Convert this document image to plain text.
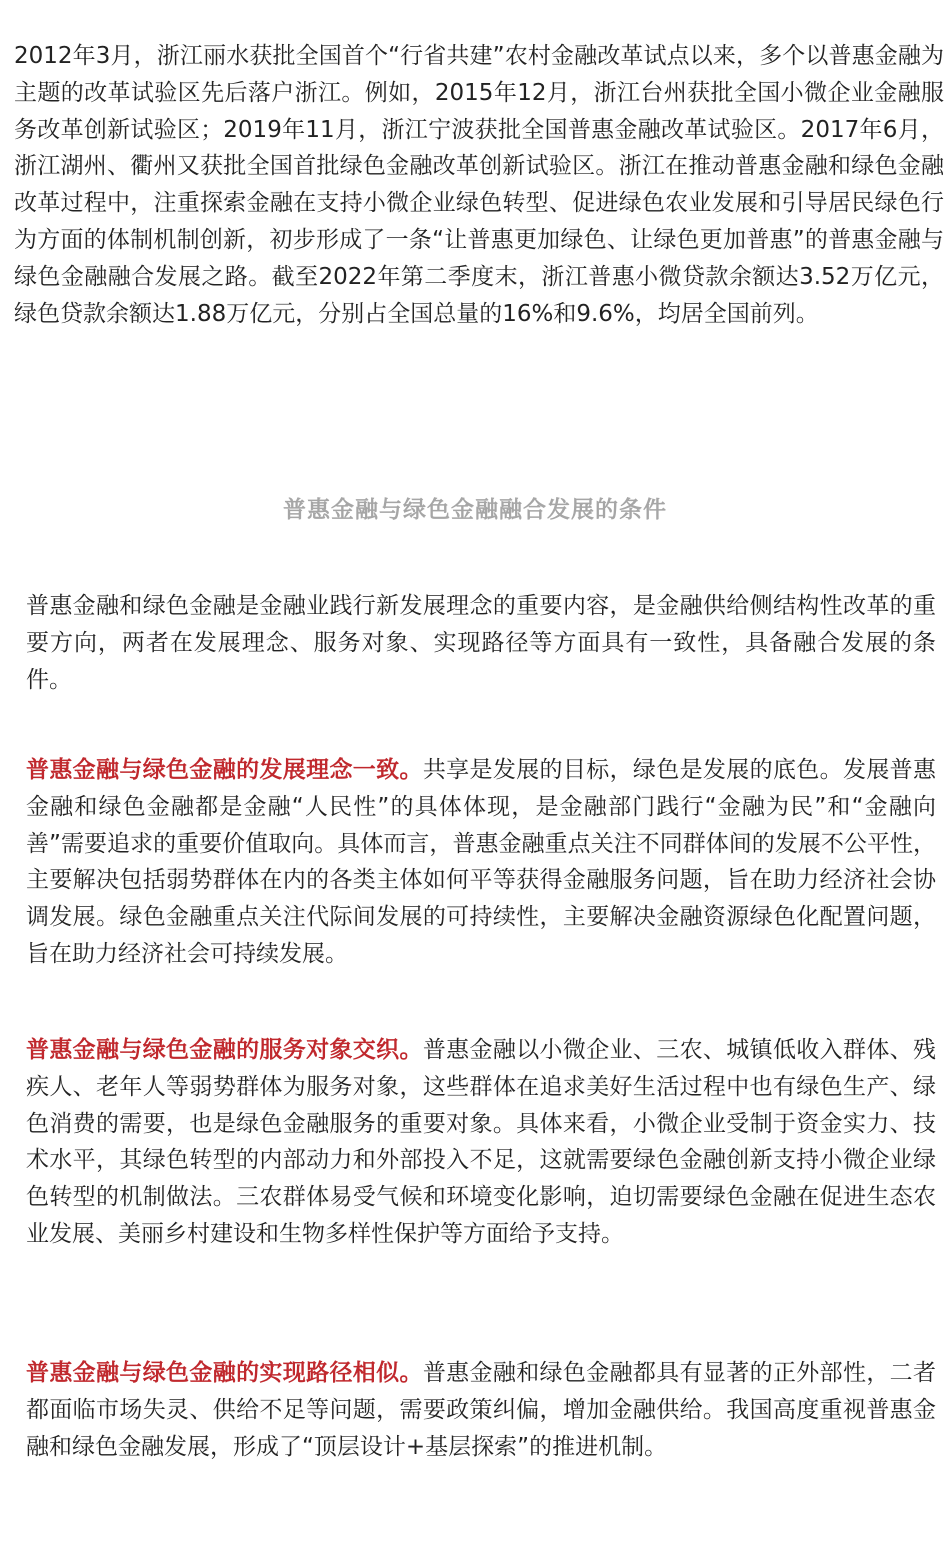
2012年3月，浙江丽水获批全国首个“行省共建”农村金融改革试点以来，多个以普惠金融为主题的改革试验区先后落户浙江。例如，2015年12月，浙江台州获批全国小微企业金融服务改革创新试验区；2019年11月，浙江宁波获批全国普惠金融改革试验区。2017年6月，浙江湖州、衢州又获批全国首批绿色金融改革创新试验区。浙江在推动普惠金融和绿色金融改革过程中，注重探索金融在支持小微企业绿色转型、促进绿色农业发展和引导居民绿色行为方面的体制机制创新，初步形成了一条“让普惠更加绿色、让绿色更加普惠”的普惠金融与绿色金融融合发展之路。截至2022年第二季度末，浙江普惠小微贷款余额达3.52万亿元，绿色贷款余额达1.88万亿元，分别占全国总量的16%和9.6%，均居全国前列。

普惠金融与绿色金融融合发展的条件

普惠金融和绿色金融是金融业践行新发展理念的重要内容，是金融供给侧结构性改革的重要方向，两者在发展理念、服务对象、实现路径等方面具有一致性，具备融合发展的条件。

普惠金融与绿色金融的发展理念一致。共享是发展的目标，绿色是发展的底色。发展普惠金融和绿色金融都是金融“人民性”的具体体现，是金融部门践行“金融为民”和“金融向善”需要追求的重要价值取向。具体而言，普惠金融重点关注不同群体间的发展不公平性，主要解决包括弱势群体在内的各类主体如何平等获得金融服务问题，旨在助力经济社会协调发展。绿色金融重点关注代际间发展的可持续性，主要解决金融资源绿色化配置问题，旨在助力经济社会可持续发展。

普惠金融与绿色金融的服务对象交织。普惠金融以小微企业、三农、城镇低收入群体、残疾人、老年人等弱势群体为服务对象，这些群体在追求美好生活过程中也有绿色生产、绿色消费的需要，也是绿色金融服务的重要对象。具体来看，小微企业受制于资金实力、技术水平，其绿色转型的内部动力和外部投入不足，这就需要绿色金融创新支持小微企业绿色转型的机制做法。三农群体易受气候和环境变化影响，迫切需要绿色金融在促进生态农业发展、美丽乡村建设和生物多样性保护等方面给予支持。

普惠金融与绿色金融的实现路径相似。普惠金融和绿色金融都具有显著的正外部性，二者都面临市场失灵、供给不足等问题，需要政策纠偏，增加金融供给。我国高度重视普惠金融和绿色金融发展，形成了“顶层设计+基层探索”的推进机制。
